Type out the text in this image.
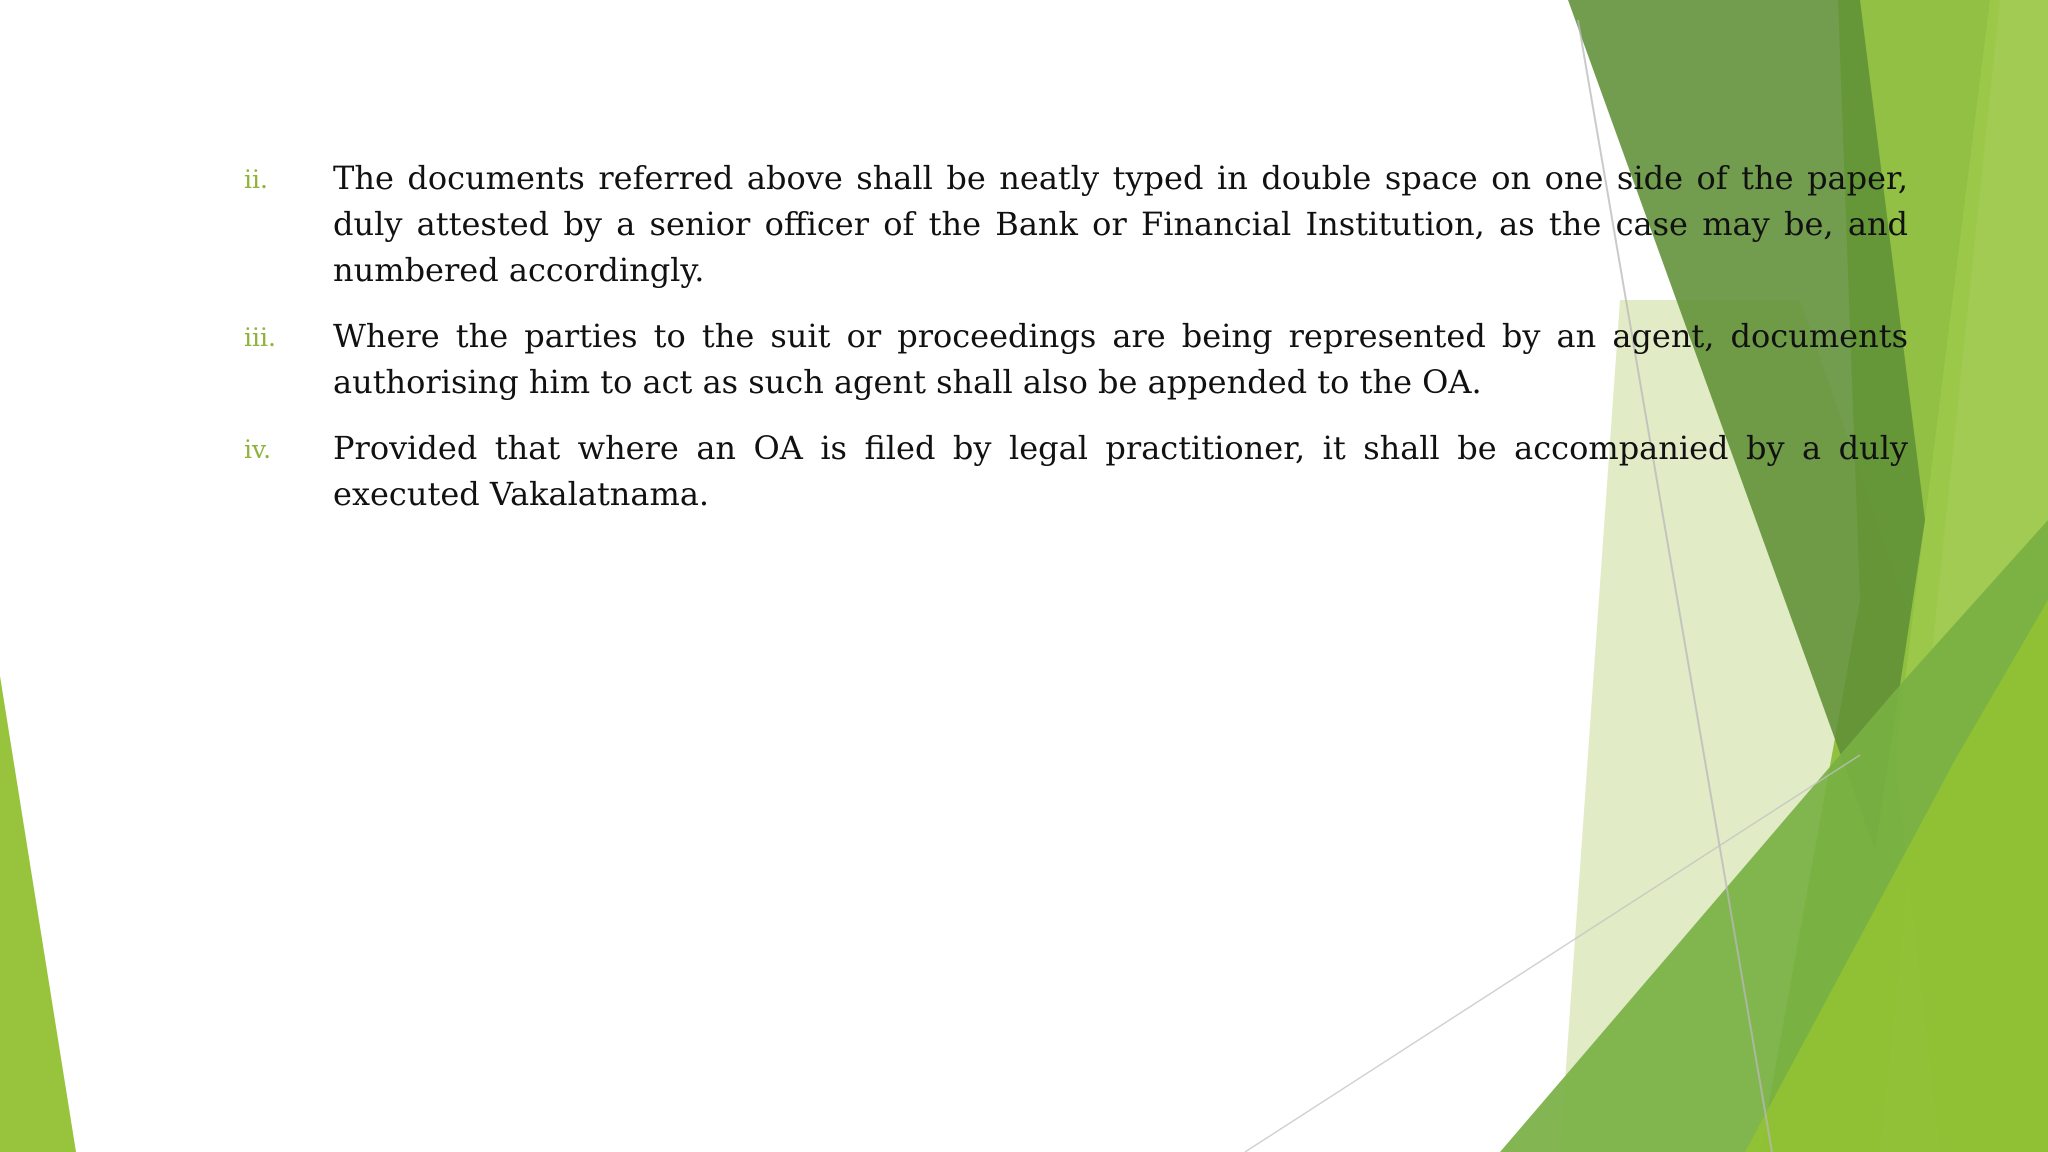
ii.	The documents referred above shall be neatly typed in double space on one side of the paper, duly attested by a senior officer of the Bank or Financial Institution, as the case may be, and numbered accordingly.
iii.	Where the parties to the suit or proceedings are being represented by an agent, documents authorising him to act as such agent shall also be appended to the OA.
iv.	Provided that where an OA is filed by legal practitioner, it shall be accompanied by a duly executed Vakalatnama.
